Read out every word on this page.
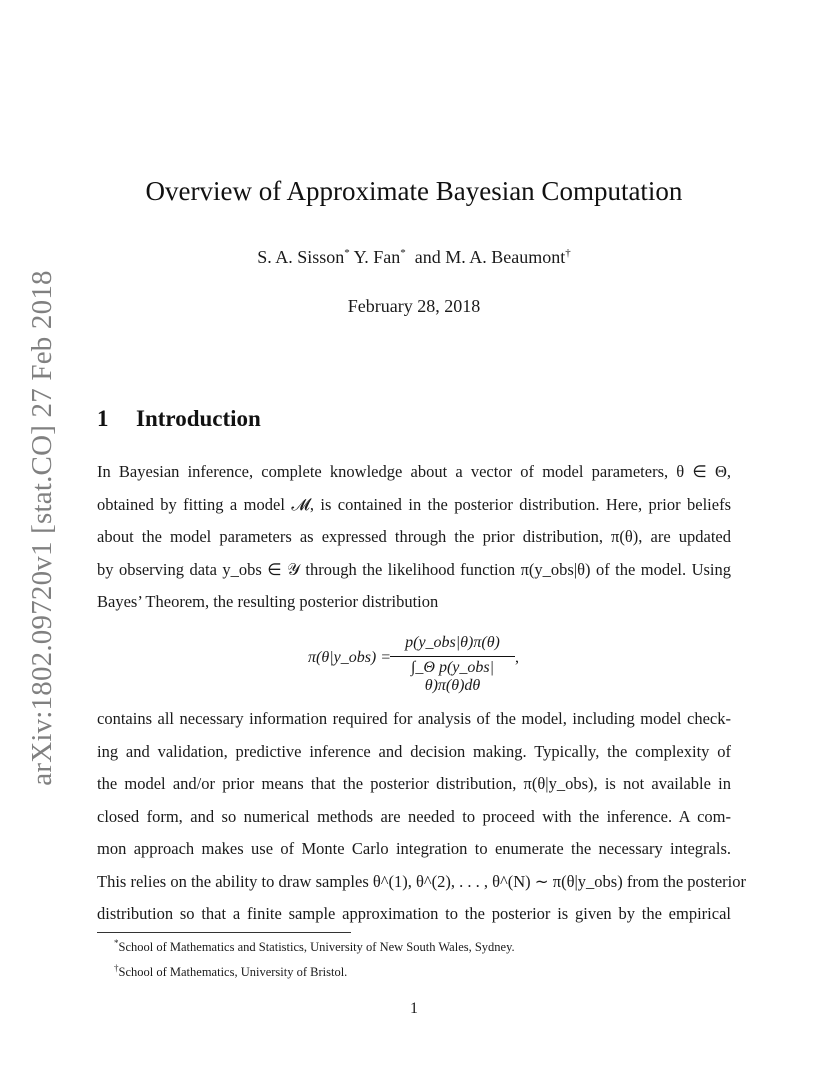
arXiv:1802.09720v1 [stat.CO] 27 Feb 2018
Overview of Approximate Bayesian Computation
S. A. Sisson* Y. Fan* and M. A. Beaumont†
February 28, 2018
1 Introduction
In Bayesian inference, complete knowledge about a vector of model parameters, θ ∈ Θ,
obtained by fitting a model 𝓜, is contained in the posterior distribution. Here, prior beliefs
about the model parameters as expressed through the prior distribution, π(θ), are updated
by observing data y_obs ∈ 𝒴 through the likelihood function π(y_obs|θ) of the model. Using
Bayes’ Theorem, the resulting posterior distribution
π(θ|y_obs) =
p(y_obs|θ)π(θ)
∫_Θ p(y_obs|θ)π(θ)dθ
,
contains all necessary information required for analysis of the model, including model check-
ing and validation, predictive inference and decision making. Typically, the complexity of
the model and/or prior means that the posterior distribution, π(θ|y_obs), is not available in
closed form, and so numerical methods are needed to proceed with the inference. A com-
mon approach makes use of Monte Carlo integration to enumerate the necessary integrals.
This relies on the ability to draw samples θ^(1), θ^(2), . . . , θ^(N) ∼ π(θ|y_obs) from the posterior
distribution so that a finite sample approximation to the posterior is given by the empirical
*School of Mathematics and Statistics, University of New South Wales, Sydney.
†School of Mathematics, University of Bristol.
1
